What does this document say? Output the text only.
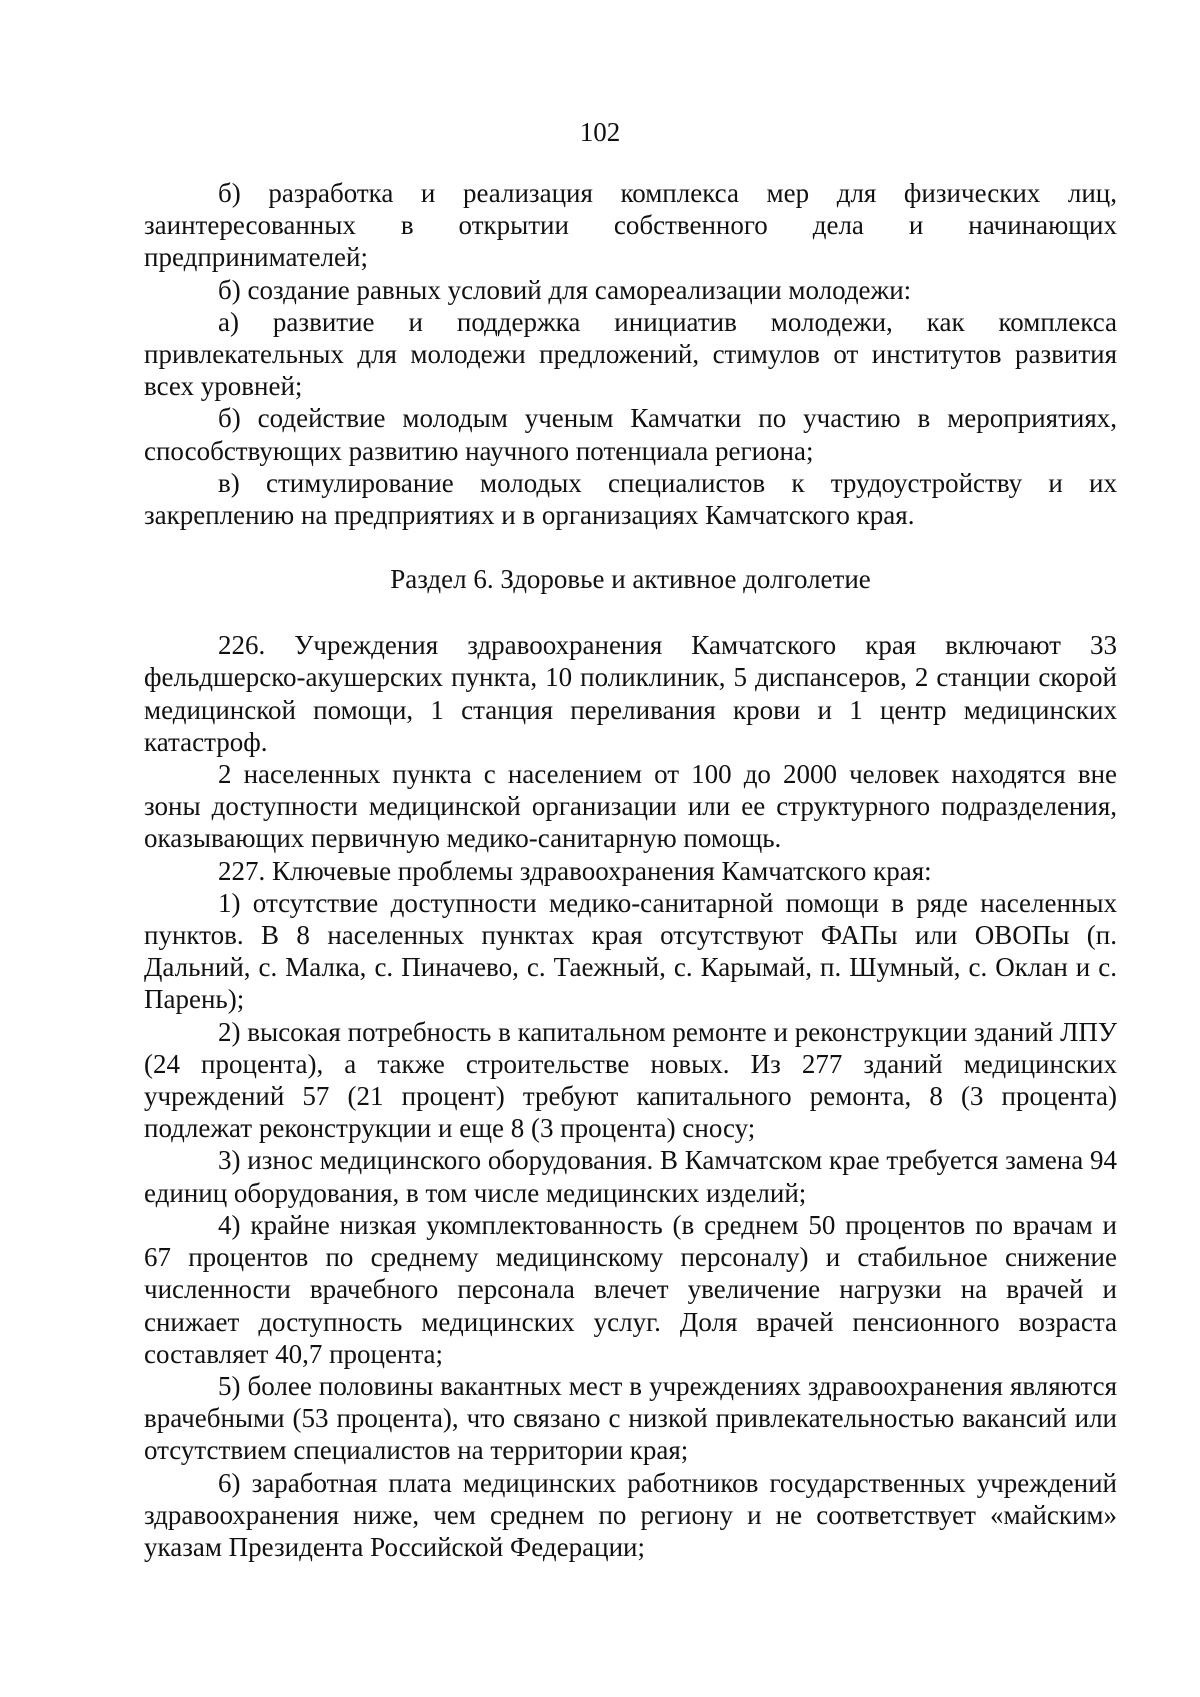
102

б) разработка и реализация комплекса мер для физических лиц, заинтересованных в открытии собственного дела и начинающих предпринимателей;

б) создание равных условий для самореализации молодежи:

а) развитие и поддержка инициатив молодежи, как комплекса привлекательных для молодежи предложений, стимулов от институтов развития всех уровней;

б) содействие молодым ученым Камчатки по участию в мероприятиях, способствующих развитию научного потенциала региона;

в) стимулирование молодых специалистов к трудоустройству и их закреплению на предприятиях и в организациях Камчатского края.

Раздел 6. Здоровье и активное долголетие

226. Учреждения здравоохранения Камчатского края включают 33 фельдшерско-акушерских пункта, 10 поликлиник, 5 диспансеров, 2 станции скорой медицинской помощи, 1 станция переливания крови и 1 центр медицинских катастроф.

2 населенных пункта с населением от 100 до 2000 человек находятся вне зоны доступности медицинской организации или ее структурного подразделения, оказывающих первичную медико-санитарную помощь.

227. Ключевые проблемы здравоохранения Камчатского края:

1) отсутствие доступности медико-санитарной помощи в ряде населенных пунктов. В 8 населенных пунктах края отсутствуют ФАПы или ОВОПы (п. Дальний, с. Малка, с. Пиначево, с. Таежный, с. Карымай, п. Шумный, с. Оклан и с. Парень);

2) высокая потребность в капитальном ремонте и реконструкции зданий ЛПУ (24 процента), а также строительстве новых. Из 277 зданий медицинских учреждений 57 (21 процент) требуют капитального ремонта, 8 (3 процента) подлежат реконструкции и еще 8 (3 процента) сносу;

3) износ медицинского оборудования. В Камчатском крае требуется замена 94 единиц оборудования, в том числе медицинских изделий;

4) крайне низкая укомплектованность (в среднем 50 процентов по врачам и 67 процентов по среднему медицинскому персоналу) и стабильное снижение численности врачебного персонала влечет увеличение нагрузки на врачей и снижает доступность медицинских услуг. Доля врачей пенсионного возраста составляет 40,7 процента;

5) более половины вакантных мест в учреждениях здравоохранения являются врачебными (53 процента), что связано с низкой привлекательностью вакансий или отсутствием специалистов на территории края;

6) заработная плата медицинских работников государственных учреждений здравоохранения ниже, чем среднем по региону и не соответствует «майским» указам Президента Российской Федерации;
